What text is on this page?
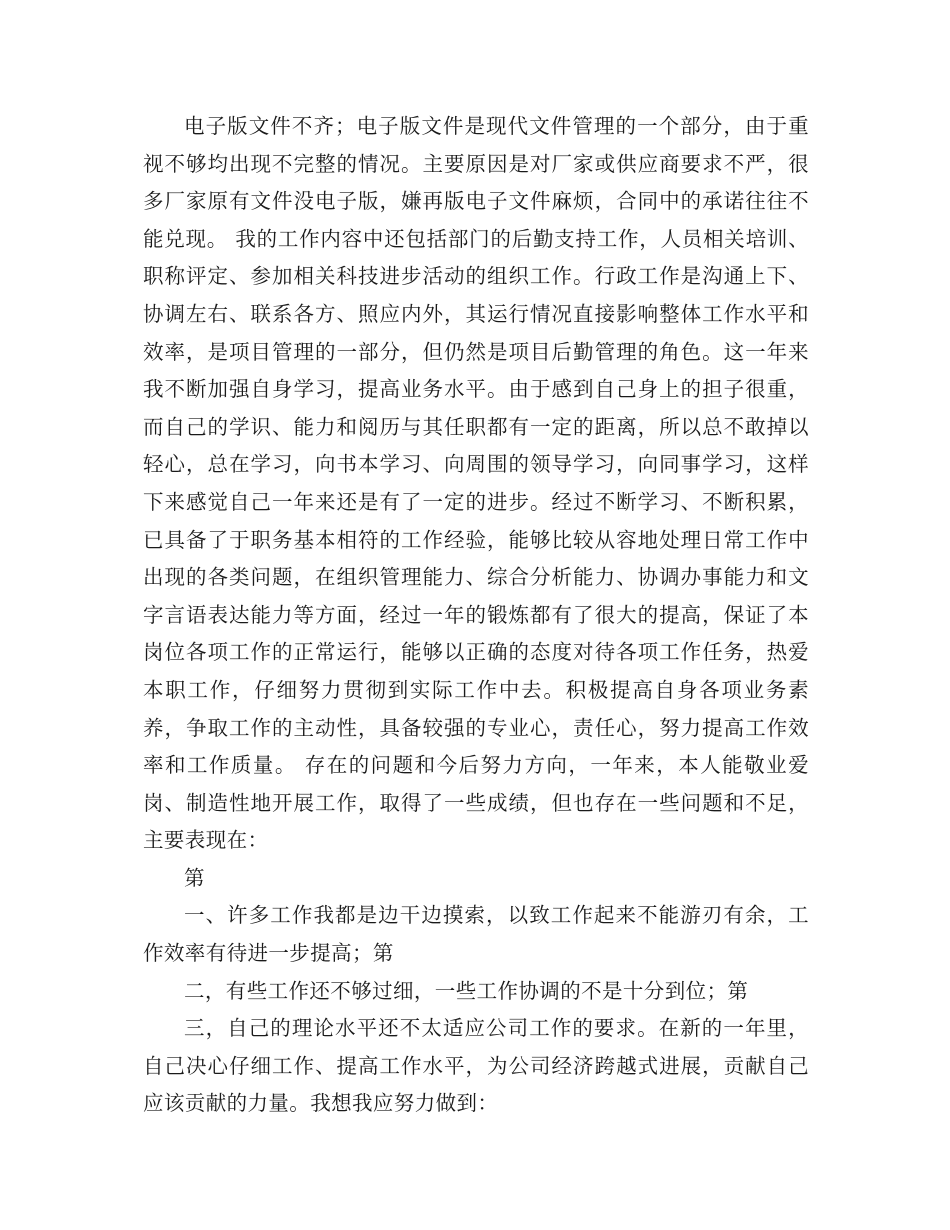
电子版文件不齐；电子版文件是现代文件管理的一个部分，由于重视不够均出现不完整的情况。主要原因是对厂家或供应商要求不严，很多厂家原有文件没电子版，嫌再版电子文件麻烦，合同中的承诺往往不能兑现。 我的工作内容中还包括部门的后勤支持工作，人员相关培训、职称评定、参加相关科技进步活动的组织工作。行政工作是沟通上下、协调左右、联系各方、照应内外，其运行情况直接影响整体工作水平和效率，是项目管理的一部分，但仍然是项目后勤管理的角色。这一年来我不断加强自身学习，提高业务水平。由于感到自己身上的担子很重，而自己的学识、能力和阅历与其任职都有一定的距离，所以总不敢掉以轻心，总在学习，向书本学习、向周围的领导学习，向同事学习，这样下来感觉自己一年来还是有了一定的进步。经过不断学习、不断积累，已具备了于职务基本相符的工作经验，能够比较从容地处理日常工作中出现的各类问题，在组织管理能力、综合分析能力、协调办事能力和文字言语表达能力等方面，经过一年的锻炼都有了很大的提高，保证了本岗位各项工作的正常运行，能够以正确的态度对待各项工作任务，热爱本职工作，仔细努力贯彻到实际工作中去。积极提高自身各项业务素养，争取工作的主动性，具备较强的专业心，责任心，努力提高工作效率和工作质量。 存在的问题和今后努力方向，一年来，本人能敬业爱岗、制造性地开展工作，取得了一些成绩，但也存在一些问题和不足，主要表现在：

第

一、许多工作我都是边干边摸索，以致工作起来不能游刃有余，工作效率有待进一步提高；第

二，有些工作还不够过细，一些工作协调的不是十分到位；第

三，自己的理论水平还不太适应公司工作的要求。在新的一年里，自己决心仔细工作、提高工作水平，为公司经济跨越式进展，贡献自己应该贡献的力量。我想我应努力做到：
